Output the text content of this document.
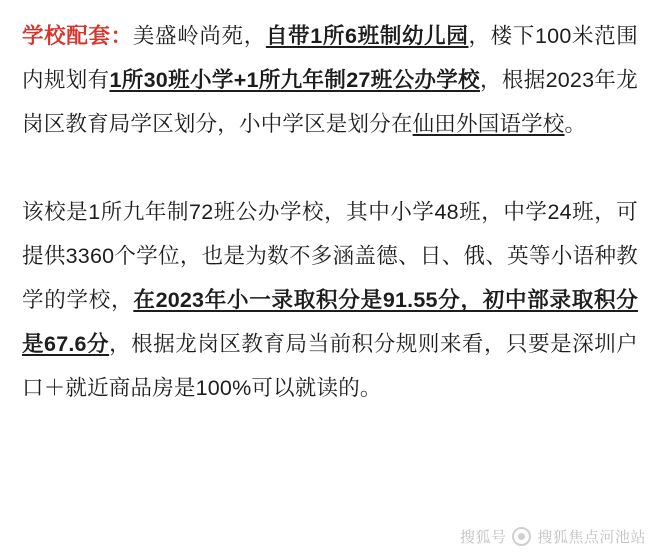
学校配套：美盛岭尚苑，自带1所6班制幼儿园，楼下100米范围内规划有1所30班小学+1所九年制27班公办学校，根据2023年龙岗区教育局学区划分，小中学区是划分在仙田外国语学校。

该校是1所九年制72班公办学校，其中小学48班，中学24班，可提供3360个学位，也是为数不多涵盖德、日、俄、英等小语种教学的学校，在2023年小一录取积分是91.55分，初中部录取积分是67.6分，根据龙岗区教育局当前积分规则来看，只要是深圳户口＋就近商品房是100%可以就读的。

搜狐号 搜狐焦点河池站
